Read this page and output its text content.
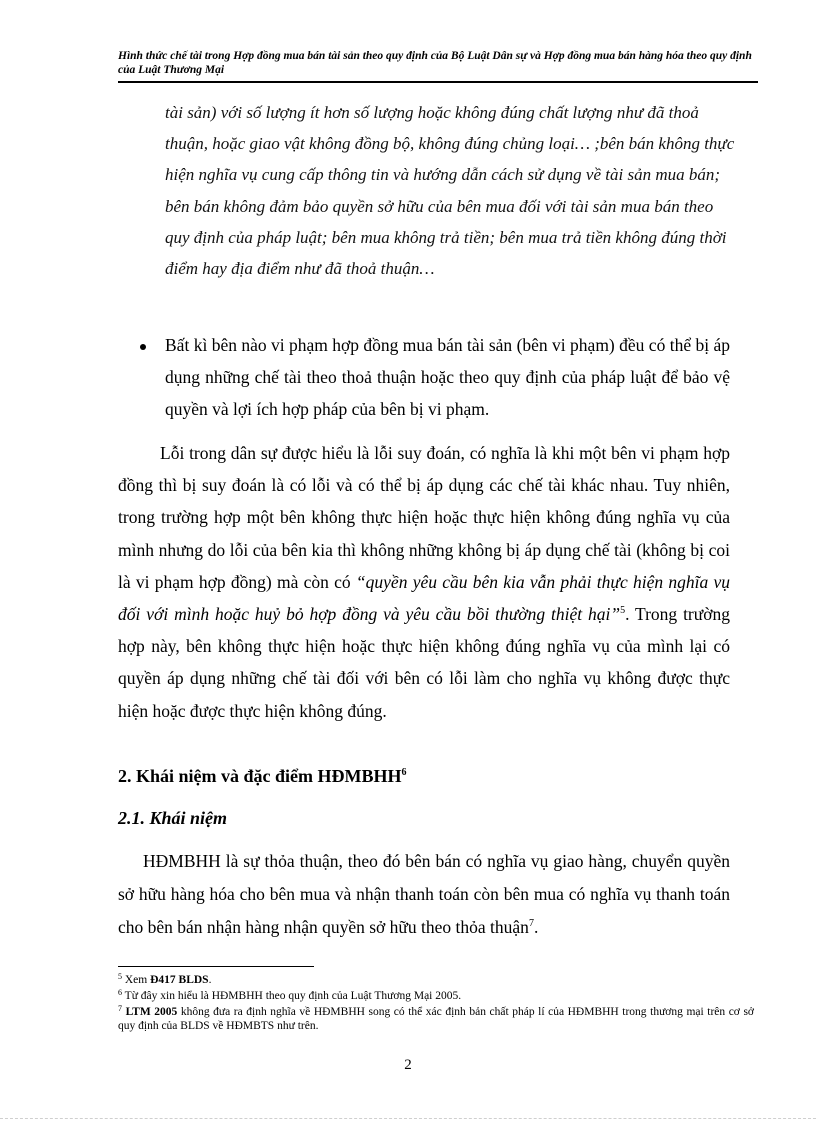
Hình thức chế tài trong Hợp đồng mua bán tài sản theo quy định của Bộ Luật Dân sự và Hợp đồng mua bán hàng hóa theo quy định của Luật Thương Mại
tài sản) với số lượng ít hơn số lượng hoặc không đúng chất lượng như đã thoả thuận, hoặc giao vật không đồng bộ, không đúng chủng loại… ;bên bán không thực hiện nghĩa vụ cung cấp thông tin và hướng dẫn cách sử dụng về tài sản mua bán; bên bán không đảm bảo quyền sở hữu của bên mua đối với tài sản mua bán theo quy định của pháp luật; bên mua không trả tiền; bên mua trả tiền không đúng thời điểm hay địa điểm như đã thoả thuận…
Bất kì bên nào vi phạm hợp đồng mua bán tài sản (bên vi phạm) đều có thể bị áp dụng những chế tài theo thoả thuận hoặc theo quy định của pháp luật để bảo vệ quyền và lợi ích hợp pháp của bên bị vi phạm.

Lỗi trong dân sự được hiểu là lỗi suy đoán, có nghĩa là khi một bên vi phạm hợp đồng thì bị suy đoán là có lỗi và có thể bị áp dụng các chế tài khác nhau. Tuy nhiên, trong trường hợp một bên không thực hiện hoặc thực hiện không đúng nghĩa vụ của mình nhưng do lỗi của bên kia thì không những không bị áp dụng chế tài (không bị coi là vi phạm hợp đồng) mà còn có “quyền yêu cầu bên kia vẫn phải thực hiện nghĩa vụ đối với mình hoặc huỷ bỏ hợp đồng và yêu cầu bồi thường thiệt hại”$^5$. Trong trường hợp này, bên không thực hiện hoặc thực hiện không đúng nghĩa vụ của mình lại có quyền áp dụng những chế tài đối với bên có lỗi làm cho nghĩa vụ không được thực hiện hoặc được thực hiện không đúng.

2. Khái niệm và đặc điểm HĐMBHH$^6$
2.1. Khái niệm

HĐMBHH là sự thỏa thuận, theo đó bên bán có nghĩa vụ giao hàng, chuyển quyền sở hữu hàng hóa cho bên mua và nhận thanh toán còn bên mua có nghĩa vụ thanh toán cho bên bán nhận hàng nhận quyền sở hữu theo thỏa thuận$^7$.

$^5$ Xem Đ417 BLDS.

$^6$ Từ đây xin hiểu là HĐMBHH theo quy định của Luật Thương Mại 2005.

$^7$ LTM 2005 không đưa ra định nghĩa về HĐMBHH song có thể xác định bản chất pháp lí của HĐMBHH trong thương mại trên cơ sở quy định của BLDS về HĐMBTS như trên.

2
